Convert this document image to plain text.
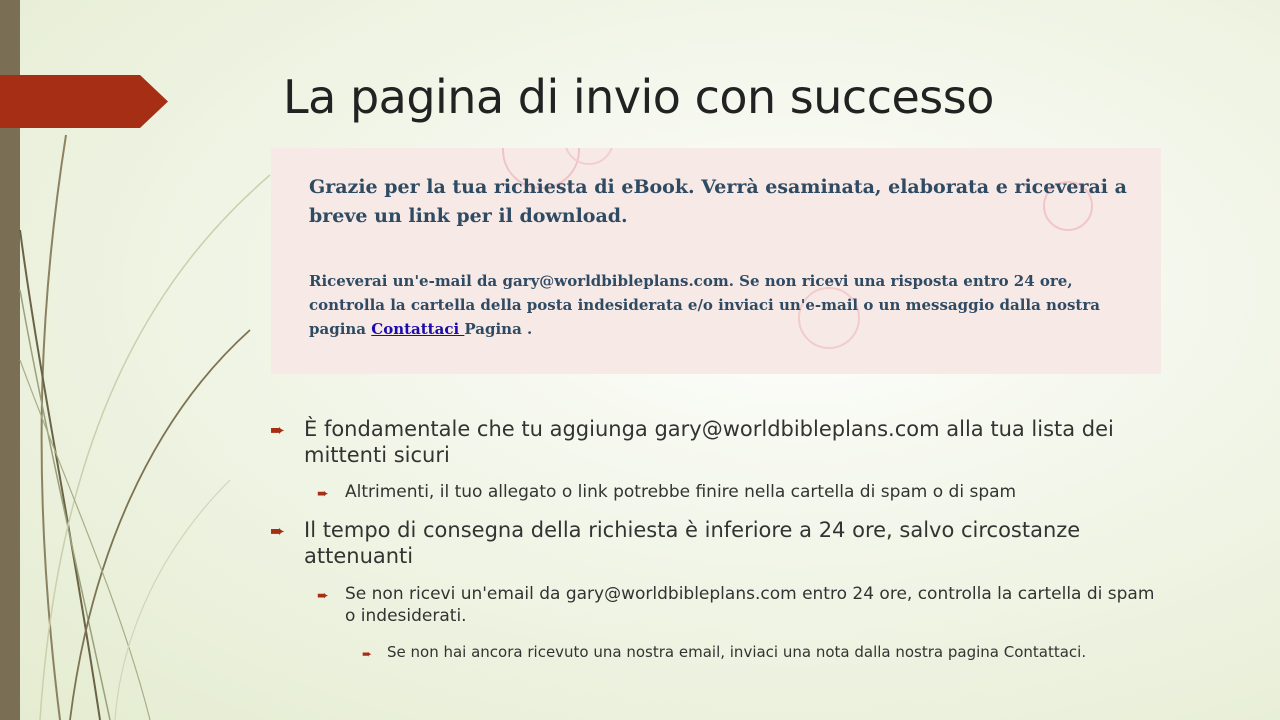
La pagina di invio con successo
Grazie per la tua richiesta di eBook. Verrà esaminata, elaborata e riceverai a breve un link per il download.
Riceverai un'e-mail da gary@worldbibleplans.com. Se non ricevi una risposta entro 24 ore, controlla la cartella della posta indesiderata e/o inviaci un'e-mail o un messaggio dalla nostra pagina Contattaci Pagina .
➨ È fondamentale che tu aggiunga gary@worldbibleplans.com alla tua lista dei mittenti sicuri
➨ Altrimenti, il tuo allegato o link potrebbe finire nella cartella di spam o di spam
➨ Il tempo di consegna della richiesta è inferiore a 24 ore, salvo circostanze attenuanti
➨ Se non ricevi un'email da gary@worldbibleplans.com entro 24 ore, controlla la cartella di spam o indesiderati.
➨ Se non hai ancora ricevuto una nostra email, inviaci una nota dalla nostra pagina Contattaci.
